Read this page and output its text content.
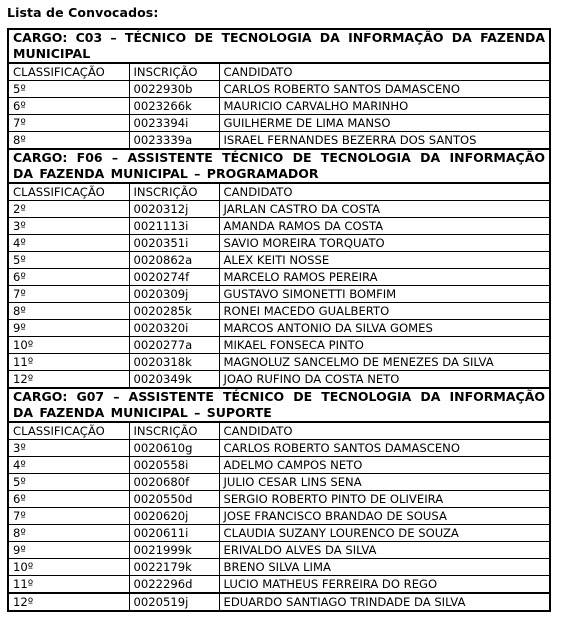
Lista de Convocados:
CARGO: C03 – TÉCNICO DE TECNOLOGIA DA INFORMAÇÃO DA FAZENDA MUNICIPAL		
CLASSIFICAÇÃO	INSCRIÇÃO	CANDIDATO
5º	0022930b	CARLOS ROBERTO SANTOS DAMASCENO
6º	0023266k	MAURICIO CARVALHO MARINHO
7º	0023394i	GUILHERME DE LIMA MANSO
8º	0023339a	ISRAEL FERNANDES BEZERRA DOS SANTOS
CARGO: F06 – ASSISTENTE TÉCNICO DE TECNOLOGIA DA INFORMAÇÃO DA FAZENDA MUNICIPAL – PROGRAMADOR		
CLASSIFICAÇÃO	INSCRIÇÃO	CANDIDATO
2º	0020312j	JARLAN CASTRO DA COSTA
3º	0021113i	AMANDA RAMOS DA COSTA
4º	0020351i	SAVIO MOREIRA TORQUATO
5º	0020862a	ALEX KEITI NOSSE
6º	0020274f	MARCELO RAMOS PEREIRA
7º	0020309j	GUSTAVO SIMONETTI BOMFIM
8º	0020285k	RONEI MACEDO GUALBERTO
9º	0020320i	MARCOS ANTONIO DA SILVA GOMES
10º	0020277a	MIKAEL FONSECA PINTO
11º	0020318k	MAGNOLUZ SANCELMO DE MENEZES DA SILVA
12º	0020349k	JOAO RUFINO DA COSTA NETO
CARGO: G07 – ASSISTENTE TÉCNICO DE TECNOLOGIA DA INFORMAÇÃO DA FAZENDA MUNICIPAL – SUPORTE		
CLASSIFICAÇÃO	INSCRIÇÃO	CANDIDATO
3º	0020610g	CARLOS ROBERTO SANTOS DAMASCENO
4º	0020558i	ADELMO CAMPOS NETO
5º	0020680f	JULIO CESAR LINS SENA
6º	0020550d	SERGIO ROBERTO PINTO DE OLIVEIRA
7º	0020620j	JOSE FRANCISCO BRANDAO DE SOUSA
8º	0020611i	CLAUDIA SUZANY LOURENCO DE SOUZA
9º	0021999k	ERIVALDO ALVES DA SILVA
10º	0022179k	BRENO SILVA LIMA
11º	0022296d	LUCIO MATHEUS FERREIRA DO REGO
12º	0020519j	EDUARDO SANTIAGO TRINDADE DA SILVA
